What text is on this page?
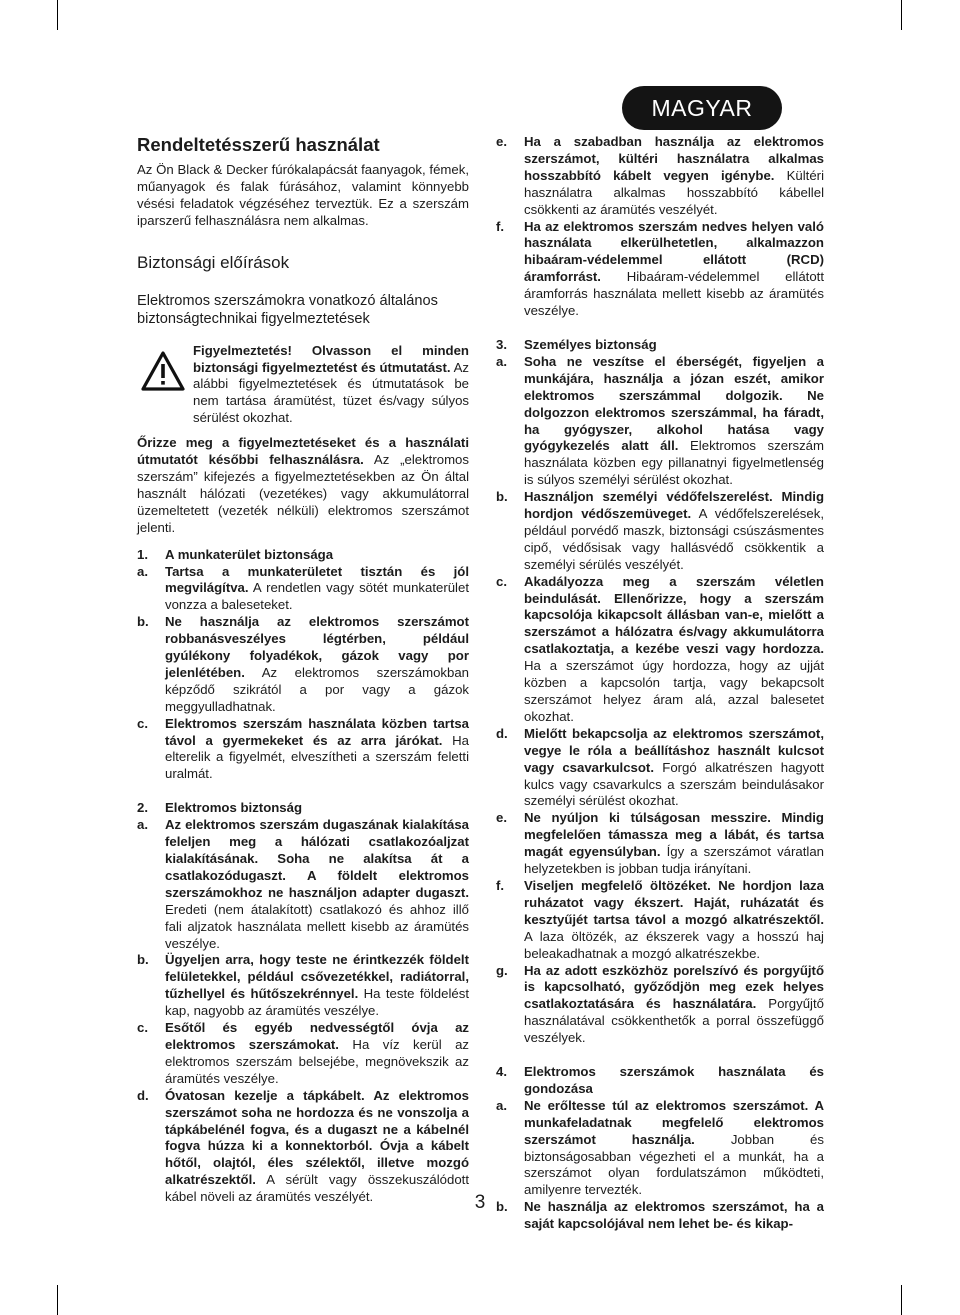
MAGYAR
Rendeltetésszerű használat

Az Ön Black & Decker fúrókalapácsát faanyagok, fémek, műanyagok és falak fúrásához, valamint könnyebb vésési feladatok végzéséhez terveztük. Ez a szerszám iparszerű felhasználásra nem alkalmas.

Biztonsági előírások
Elektromos szerszámokra vonatkozó általános biztonságtechnikai figyelmeztetések

Figyelmeztetés! Olvasson el minden biztonsági figyelmeztetést és útmutatást. Az alábbi figyelmeztetések és útmutatások be nem tartása áramütést, tüzet és/vagy súlyos sérülést okozhat.

Őrizze meg a figyelmeztetéseket és a használati útmutatót későbbi felhasználásra. Az „elektromos szerszám” kifejezés a figyelmeztetésekben az Ön által használt hálózati (vezetékes) vagy akkumulátorral üzemeltetett (vezeték nélküli) elektromos szerszámot jelenti.

1.	A munkaterület biztonsága
a.	Tartsa a munkaterületet tisztán és jól megvilágítva. A rendetlen vagy sötét munkaterület vonzza a baleseteket.
b.	Ne használja az elektromos szerszámot robbanásveszélyes légtérben, például gyúlékony folyadékok, gázok vagy por jelenlétében. Az elektromos szerszámokban képződő szikrától a por vagy a gázok meggyulladhatnak.
c.	Elektromos szerszám használata közben tartsa távol a gyermekeket és az arra járókat. Ha elterelik a figyelmét, elveszítheti a szerszám feletti uralmát.
2.	Elektromos biztonság
a.	Az elektromos szerszám dugaszának kialakítása feleljen meg a hálózati csatlakozóaljzat kialakításának. Soha ne alakítsa át a csatlakozódugaszt. A földelt elektromos szerszámokhoz ne használjon adapter dugaszt. Eredeti (nem átalakított) csatlakozó és ahhoz illő fali aljzatok használata mellett kisebb az áramütés veszélye.
b.	Ügyeljen arra, hogy teste ne érintkezzék földelt felületekkel, például csővezetékkel, radiátorral, tűzhellyel és hűtőszekrénnyel. Ha teste földelést kap, nagyobb az áramütés veszélye.
c.	Esőtől és egyéb nedvességtől óvja az elektromos szerszámokat. Ha víz kerül az elektromos szerszám belsejébe, megnövekszik az áramütés veszélye.
d.	Óvatosan kezelje a tápkábelt. Az elektromos szerszámot soha ne hordozza és ne vonszolja a tápkábelénél fogva, és a dugaszt ne a kábelnél fogva húzza ki a konnektorból. Óvja a kábelt hőtől, olajtól, éles szélektől, illetve mozgó alkatrészektől. A sérült vagy összekuszálódott kábel növeli az áramütés veszélyét.
e.	Ha a szabadban használja az elektromos szerszámot, kültéri használatra alkalmas hosszabbító kábelt vegyen igénybe. Kültéri használatra alkalmas hosszabbító kábellel csökkenti az áramütés veszélyét.
f.	Ha az elektromos szerszám nedves helyen való használata elkerülhetetlen, alkalmazzon hibaáram-védelemmel ellátott (RCD) áramforrást. Hibaáram-védelemmel ellátott áramforrás használata mellett kisebb az áramütés veszélye.
3.	Személyes biztonság
a.	Soha ne veszítse el éberségét, figyeljen a munkájára, használja a józan eszét, amikor elektromos szerszámmal dolgozik. Ne dolgozzon elektromos szerszámmal, ha fáradt, ha gyógyszer, alkohol hatása vagy gyógykezelés alatt áll. Elektromos szerszám használata közben egy pillanatnyi figyelmetlenség is súlyos személyi sérülést okozhat.
b.	Használjon személyi védőfelszerelést. Mindig hordjon védőszemüveget. A védőfelszerelések, például porvédő maszk, biztonsági csúszásmentes cipő, védősisak vagy hallásvédő csökkentik a személyi sérülés veszélyét.
c.	Akadályozza meg a szerszám véletlen beindulását. Ellenőrizze, hogy a szerszám kapcsolója kikapcsolt állásban van-e, mielőtt a szerszámot a hálózatra és/vagy akkumulátorra csatlakoztatja, a kezébe veszi vagy hordozza. Ha a szerszámot úgy hordozza, hogy az ujját közben a kapcsolón tartja, vagy bekapcsolt szerszámot helyez áram alá, azzal balesetet okozhat.
d.	Mielőtt bekapcsolja az elektromos szerszámot, vegye le róla a beállításhoz használt kulcsot vagy csavarkulcsot. Forgó alkatrészen hagyott kulcs vagy csavarkulcs a szerszám beindulásakor személyi sérülést okozhat.
e.	Ne nyúljon ki túlságosan messzire. Mindig megfelelően támassza meg a lábát, és tartsa magát egyensúlyban. Így a szerszámot váratlan helyzetekben is jobban tudja irányítani.
f.	Viseljen megfelelő öltözéket. Ne hordjon laza ruházatot vagy ékszert. Haját, ruházatát és kesztyűjét tartsa távol a mozgó alkatrészektől. A laza öltözék, az ékszerek vagy a hosszú haj beleakadhatnak a mozgó alkatrészekbe.
g.	Ha az adott eszközhöz porelszívó és porgyűjtő is kapcsolható, győződjön meg ezek helyes csatlakoztatására és használatára. Porgyűjtő használatával csökkenthetők a porral összefüggő veszélyek.
4.	Elektromos szerszámok használata és gondozása
a.	Ne erőltesse túl az elektromos szerszámot. A munkafeladatnak megfelelő elektromos szerszámot használja. Jobban és biztonságosabban végezheti el a munkát, ha a szerszámot olyan fordulatszámon működteti, amilyenre tervezték.
b.	Ne használja az elektromos szerszámot, ha a saját kapcsolójával nem lehet be- és kikap-
3
